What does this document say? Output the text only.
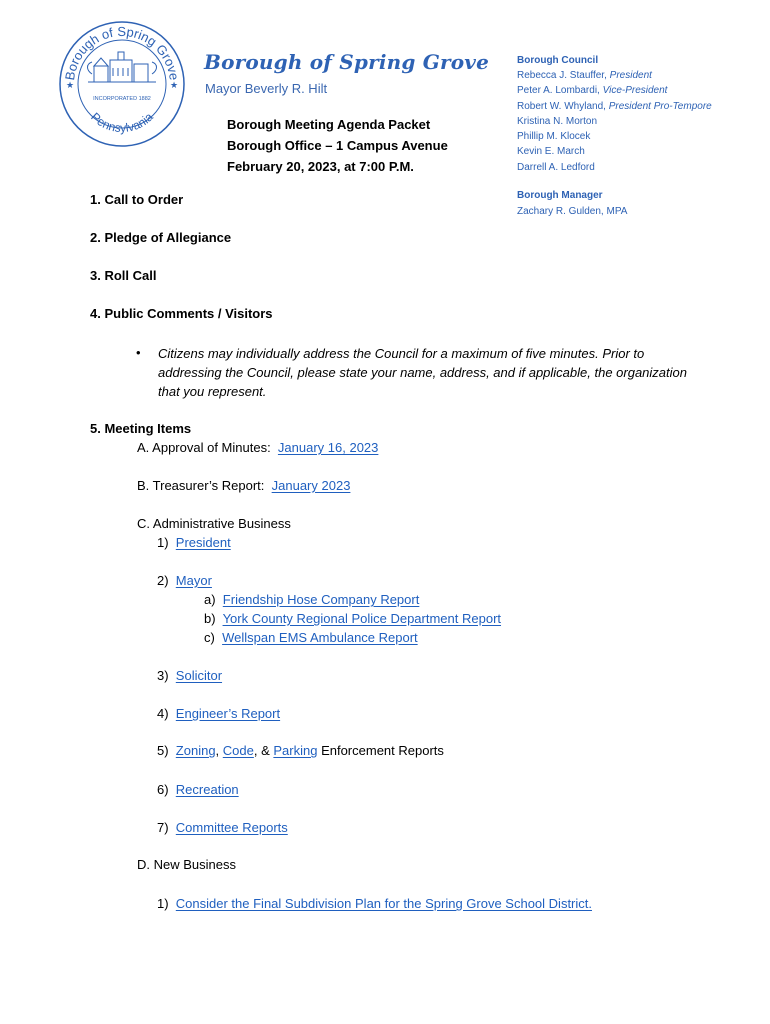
Borough of Spring Grove
Pennsylvania
★	★
INCORPORATED 1882
Borough of Spring Grove
Mayor Beverly R. Hilt
Borough Meeting Agenda Packet
Borough Office – 1 Campus Avenue
February 20, 2023, at 7:00 P.M.
Borough Council
Rebecca J. Stauffer, President
Peter A. Lombardi, Vice-President
Robert W. Whyland, President Pro-Tempore
Kristina N. Morton
Phillip M. Klocek
Kevin E. March
Darrell A. Ledford
Borough Manager
Zachary R. Gulden, MPA
1. Call to Order
2. Pledge of Allegiance
3. Roll Call
4. Public Comments / Visitors
• Citizens may individually address the Council for a maximum of five minutes. Prior to addressing the Council, please state your name, address, and if applicable, the organization that you represent.
5. Meeting Items
A. Approval of Minutes: January 16, 2023
B. Treasurer’s Report: January 2023
C. Administrative Business
1) President
2) Mayor
a) Friendship Hose Company Report
b) York County Regional Police Department Report
c) Wellspan EMS Ambulance Report
3) Solicitor
4) Engineer’s Report
5) Zoning, Code, & Parking Enforcement Reports
6) Recreation
7) Committee Reports
D. New Business
1) Consider the Final Subdivision Plan for the Spring Grove School District.
